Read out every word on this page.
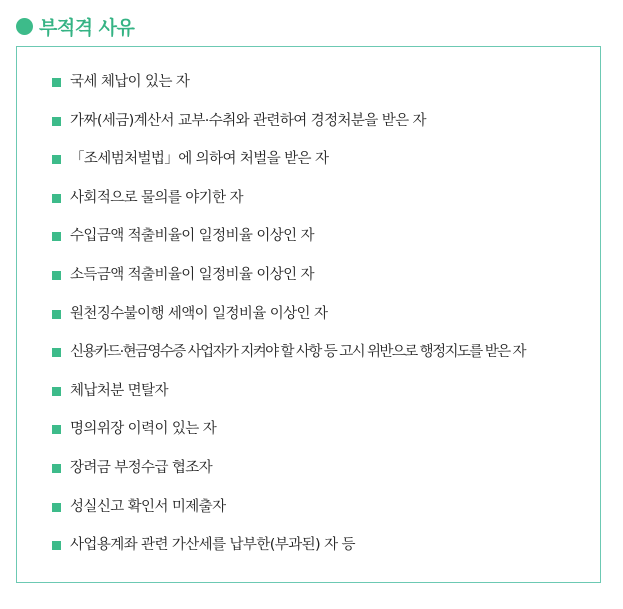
부적격 사유
국세 체납이 있는 자
가짜(세금)계산서 교부·수취와 관련하여 경정처분을 받은 자
「조세범처벌법」에 의하여 처벌을 받은 자
사회적으로 물의를 야기한 자
수입금액 적출비율이 일정비율 이상인 자
소득금액 적출비율이 일정비율 이상인 자
원천징수불이행 세액이 일정비율 이상인 자
신용카드·현금영수증 사업자가 지켜야 할 사항 등 고시 위반으로 행정지도를 받은 자
체납처분 면탈자
명의위장 이력이 있는 자
장려금 부정수급 협조자
성실신고 확인서 미제출자
사업용계좌 관련 가산세를 납부한(부과된) 자 등
